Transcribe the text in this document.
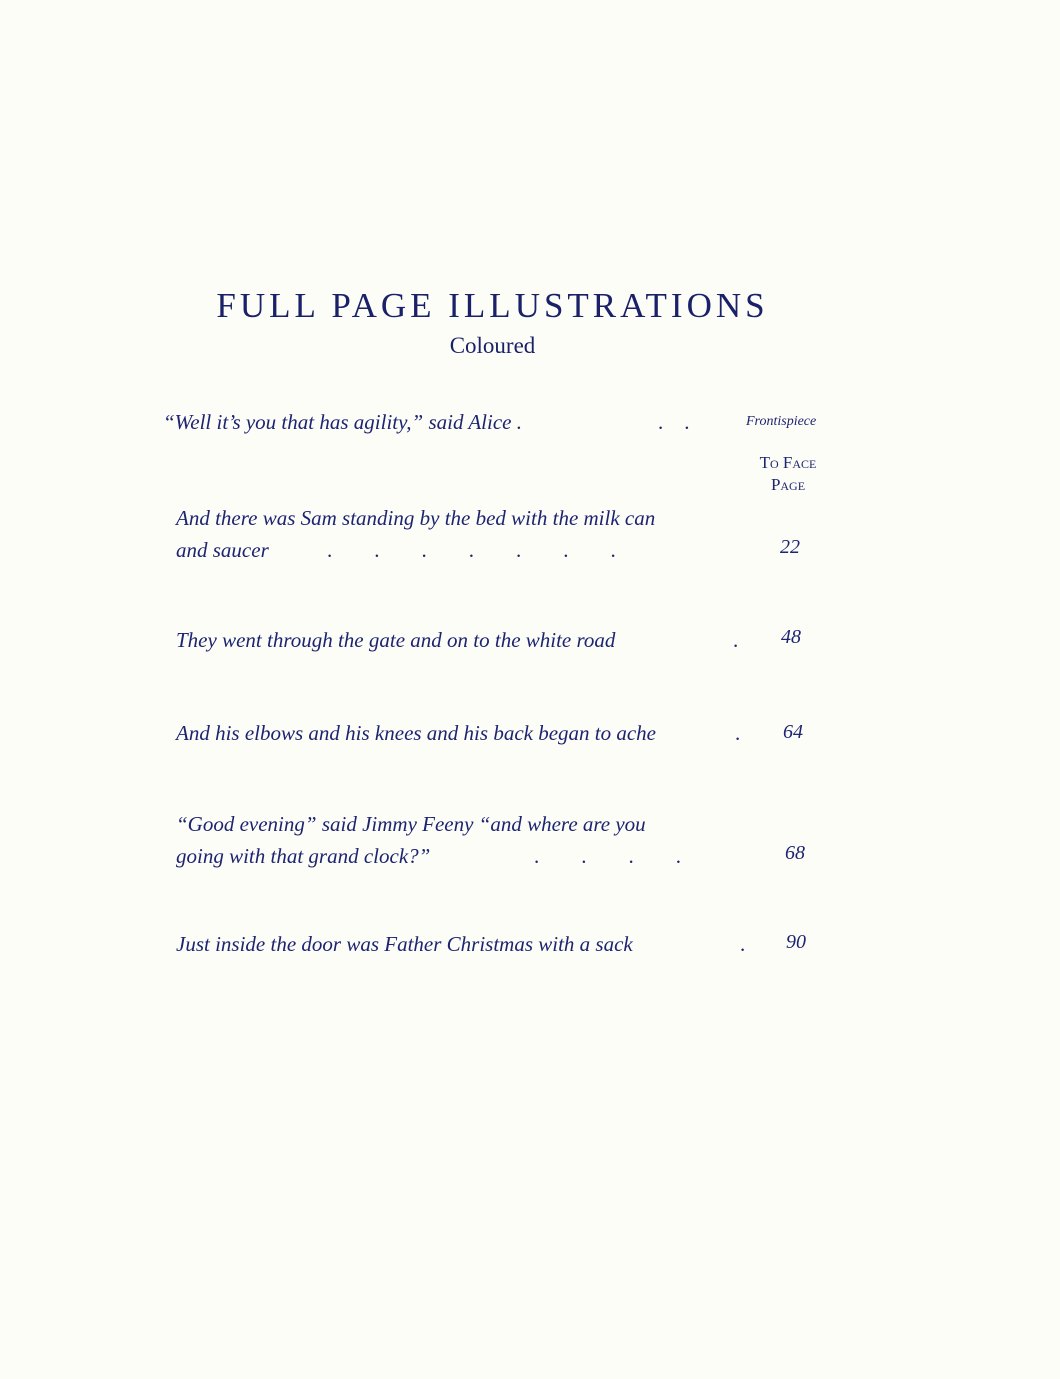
FULL PAGE ILLUSTRATIONS
Coloured
“Well it’s you that has agility,” said Alice .	.    .	Frontispiece
To Face
Page
And there was Sam standing by the bed with the milk can
and saucer	.        .        .        .        .        .        .	22
They went through the gate and on to the white road	. 48
And his elbows and his knees and his back began to ache	. 64
“Good evening” said Jimmy Feeny “and where are you
going with that grand clock?”	.        .        .        .	68
Just inside the door was Father Christmas with a sack	. 90
